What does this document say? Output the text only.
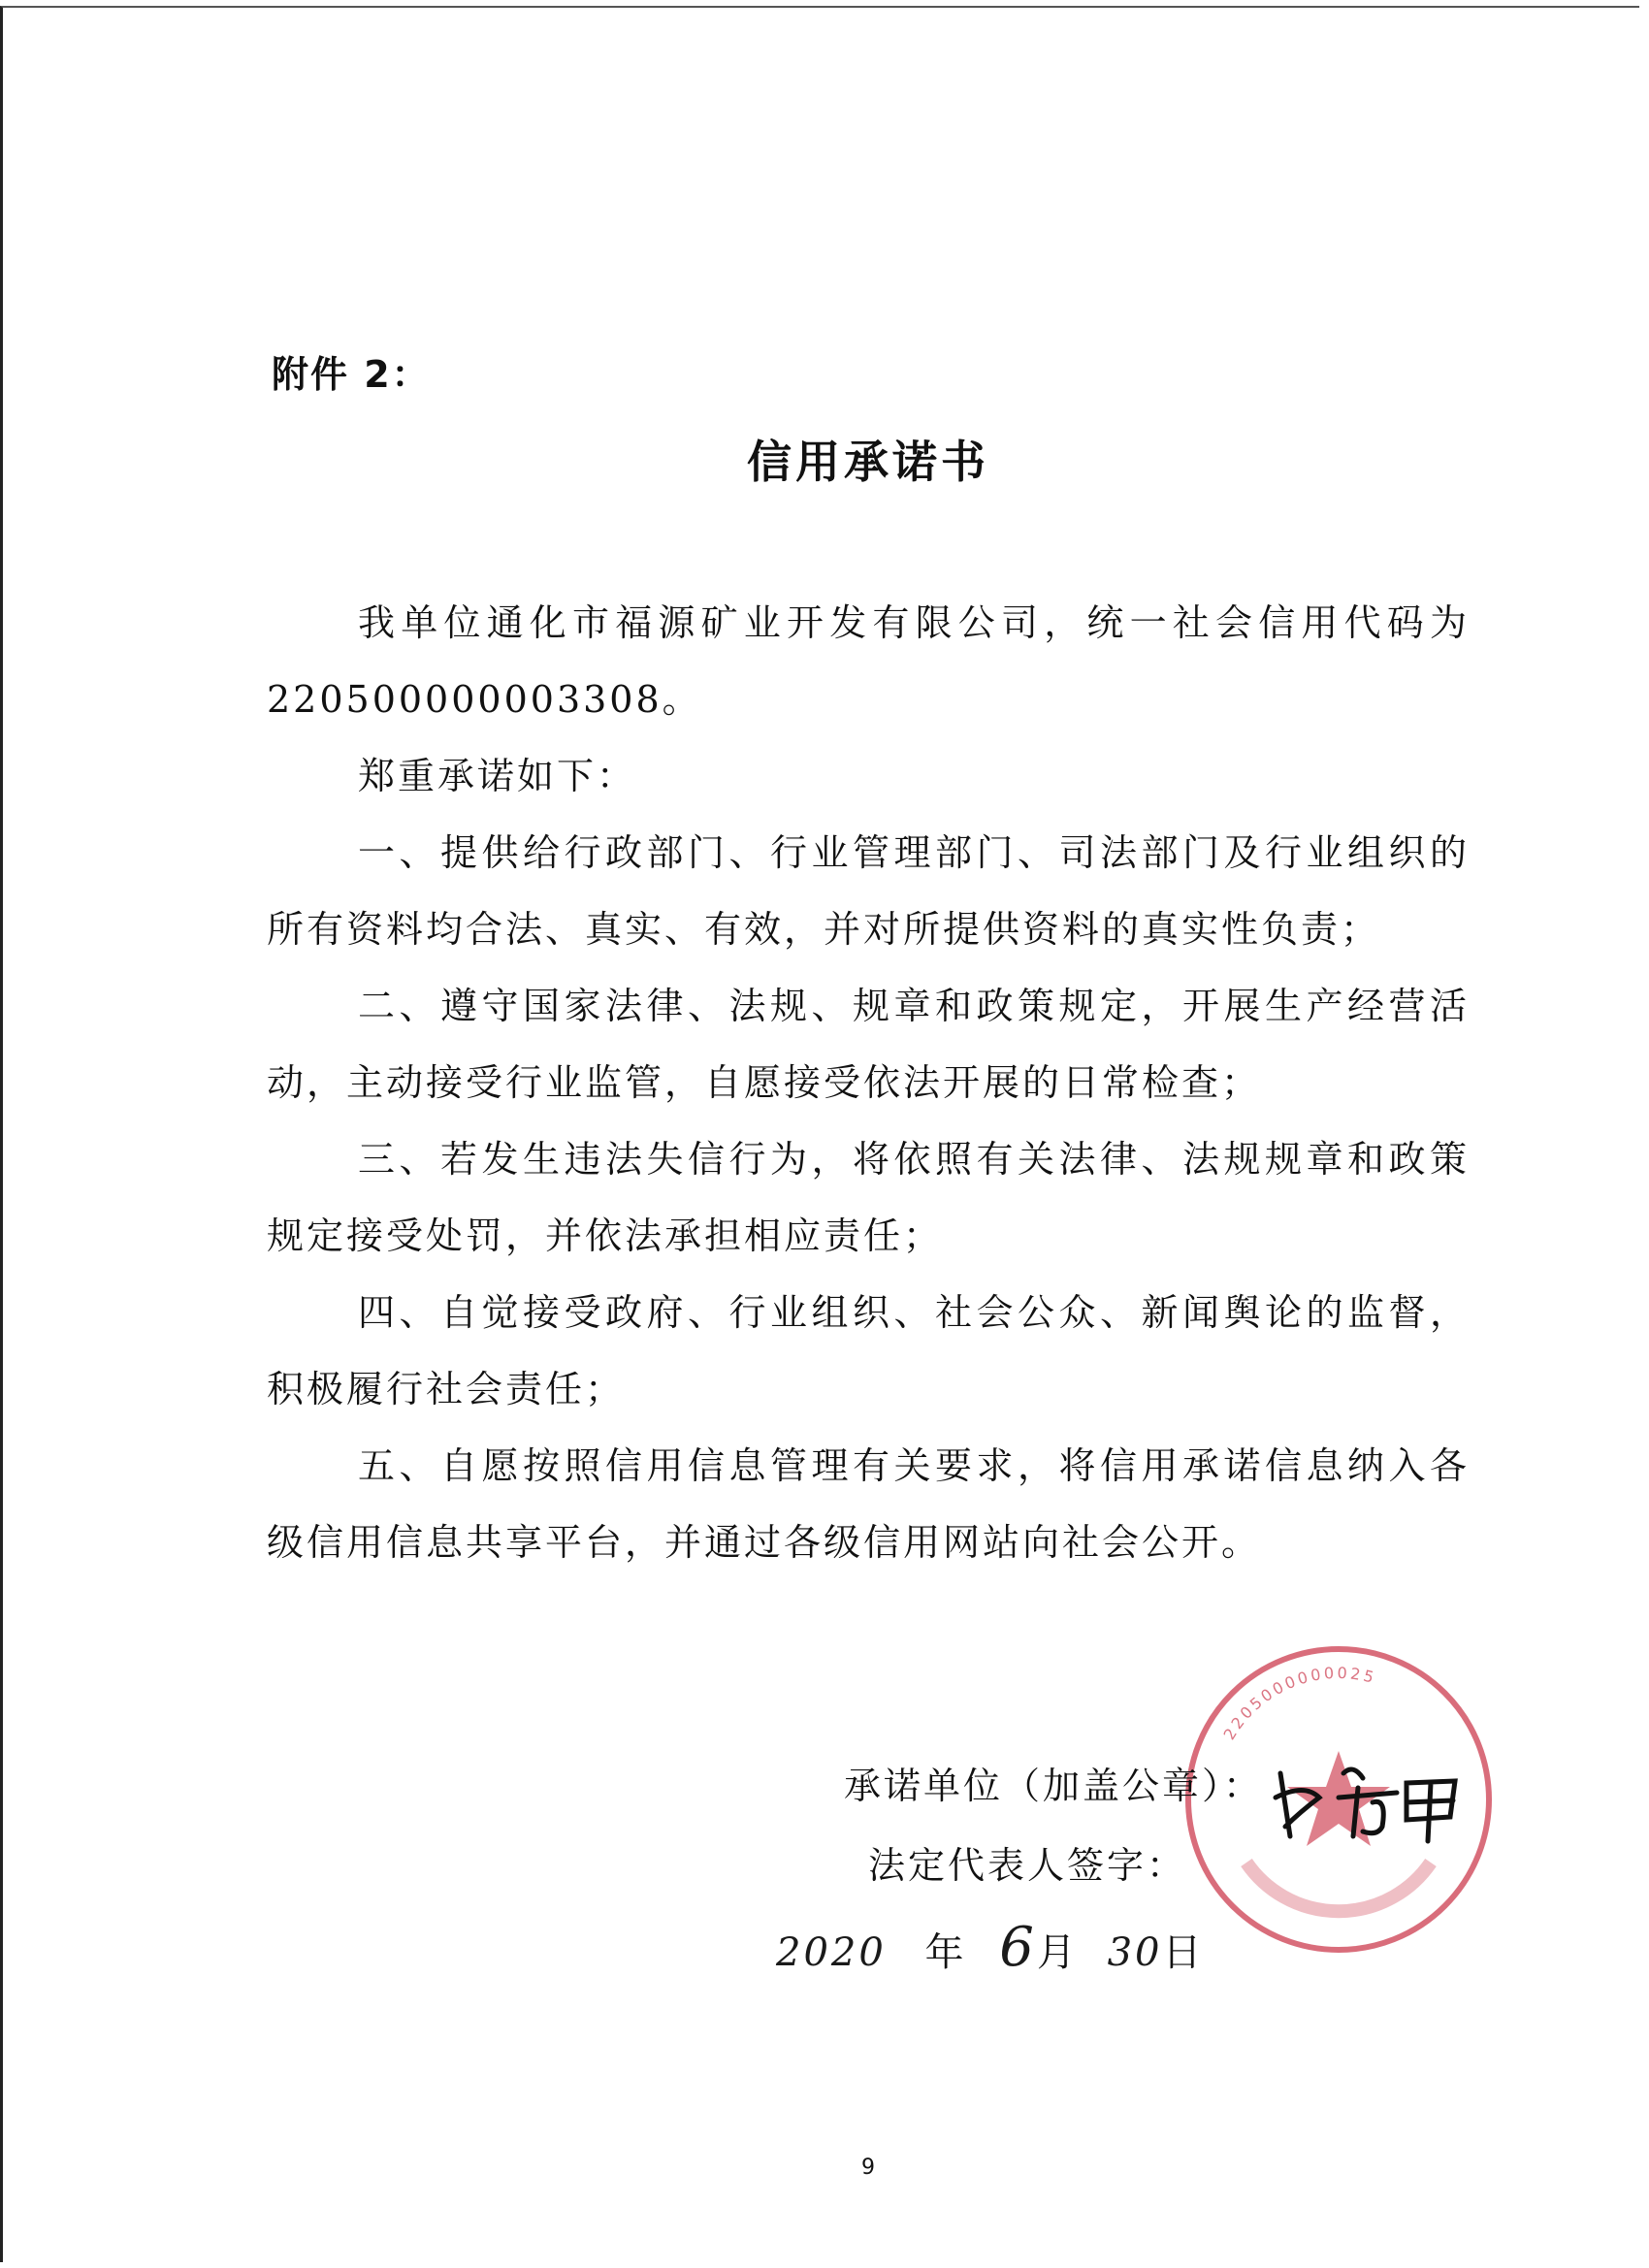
附件 2：
信用承诺书

我单位通化市福源矿业开发有限公司，统一社会信用代码为220500000003308。

郑重承诺如下：

一、提供给行政部门、行业管理部门、司法部门及行业组织的所有资料均合法、真实、有效，并对所提供资料的真实性负责；

二、遵守国家法律、法规、规章和政策规定，开展生产经营活动，主动接受行业监管，自愿接受依法开展的日常检查；

三、若发生违法失信行为，将依照有关法律、法规规章和政策规定接受处罚，并依法承担相应责任；

四、自觉接受政府、行业组织、社会公众、新闻舆论的监督，积极履行社会责任；

五、自愿按照信用信息管理有关要求，将信用承诺信息纳入各级信用信息共享平台，并通过各级信用网站向社会公开。

2205000000025
承诺单位（加盖公章）：
法定代表人签字：
2020 年 6月 30日
9
